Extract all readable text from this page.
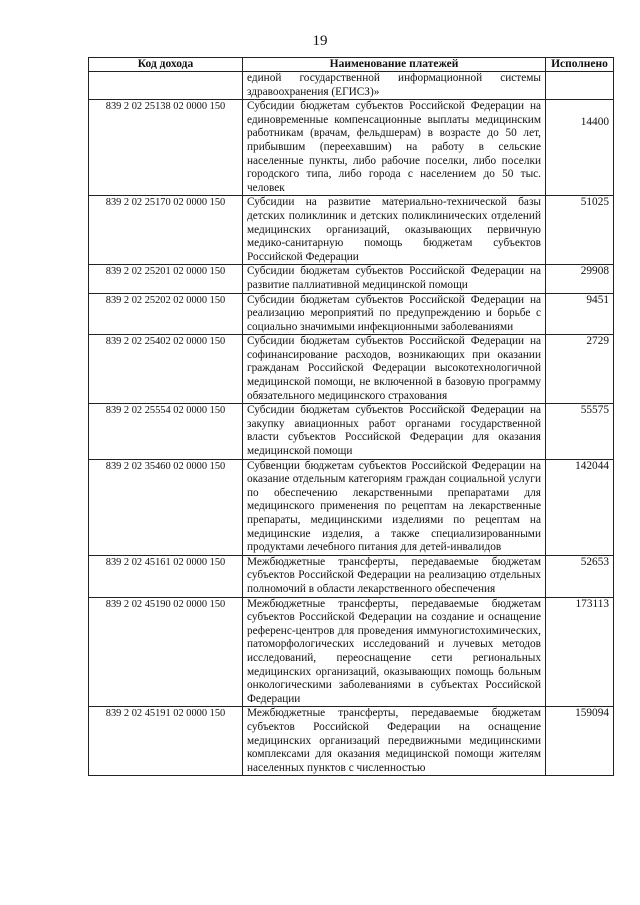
19
Код дохода	Наименование платежей	Исполнено
	единой государственной информационной системы здравоохранения (ЕГИСЗ)»	
839 2 02 25138 02 0000 150	Субсидии бюджетам субъектов Российской Федерации на единовременные компенсационные выплаты медицинским работникам (врачам, фельдшерам) в возрасте до 50 лет, прибывшим (переехавшим) на работу в сельские населенные пункты, либо рабочие поселки, либо поселки городского типа, либо города с населением до 50 тыс. человек	14400
839 2 02 25170 02 0000 150	Субсидии на развитие материально-технической базы детских поликлиник и детских поликлинических отделений медицинских организаций, оказывающих первичную медико-санитарную помощь бюджетам субъектов Российской Федерации	51025
839 2 02 25201 02 0000 150	Субсидии бюджетам субъектов Российской Федерации на развитие паллиативной медицинской помощи	29908
839 2 02 25202 02 0000 150	Субсидии бюджетам субъектов Российской Федерации на реализацию мероприятий по предупреждению и борьбе с социально значимыми инфекционными заболеваниями	9451
839 2 02 25402 02 0000 150	Субсидии бюджетам субъектов Российской Федерации на софинансирование расходов, возникающих при оказании гражданам Российской Федерации высокотехнологичной медицинской помощи, не включенной в базовую программу обязательного медицинского страхования	2729
839 2 02 25554 02 0000 150	Субсидии бюджетам субъектов Российской Федерации на закупку авиационных работ органами государственной власти субъектов Российской Федерации для оказания медицинской помощи	55575
839 2 02 35460 02 0000 150	Субвенции бюджетам субъектов Российской Федерации на оказание отдельным категориям граждан социальной услуги по обеспечению лекарственными препаратами для медицинского применения по рецептам на лекарственные препараты, медицинскими изделиями по рецептам на медицинские изделия, а также специализированными продуктами лечебного питания для детей-инвалидов	142044
839 2 02 45161 02 0000 150	Межбюджетные трансферты, передаваемые бюджетам субъектов Российской Федерации на реализацию отдельных полномочий в области лекарственного обеспечения	52653
839 2 02 45190 02 0000 150	Межбюджетные трансферты, передаваемые бюджетам субъектов Российской Федерации на создание и оснащение референс-центров для проведения иммуногистохимических, патоморфологических исследований и лучевых методов исследований, переоснащение сети региональных медицинских организаций, оказывающих помощь больным онкологическими заболеваниями в субъектах Российской Федерации	173113
839 2 02 45191 02 0000 150	Межбюджетные трансферты, передаваемые бюджетам субъектов Российской Федерации на оснащение медицинских организаций передвижными медицинскими комплексами для оказания медицинской помощи жителям населенных пунктов с численностью	159094
